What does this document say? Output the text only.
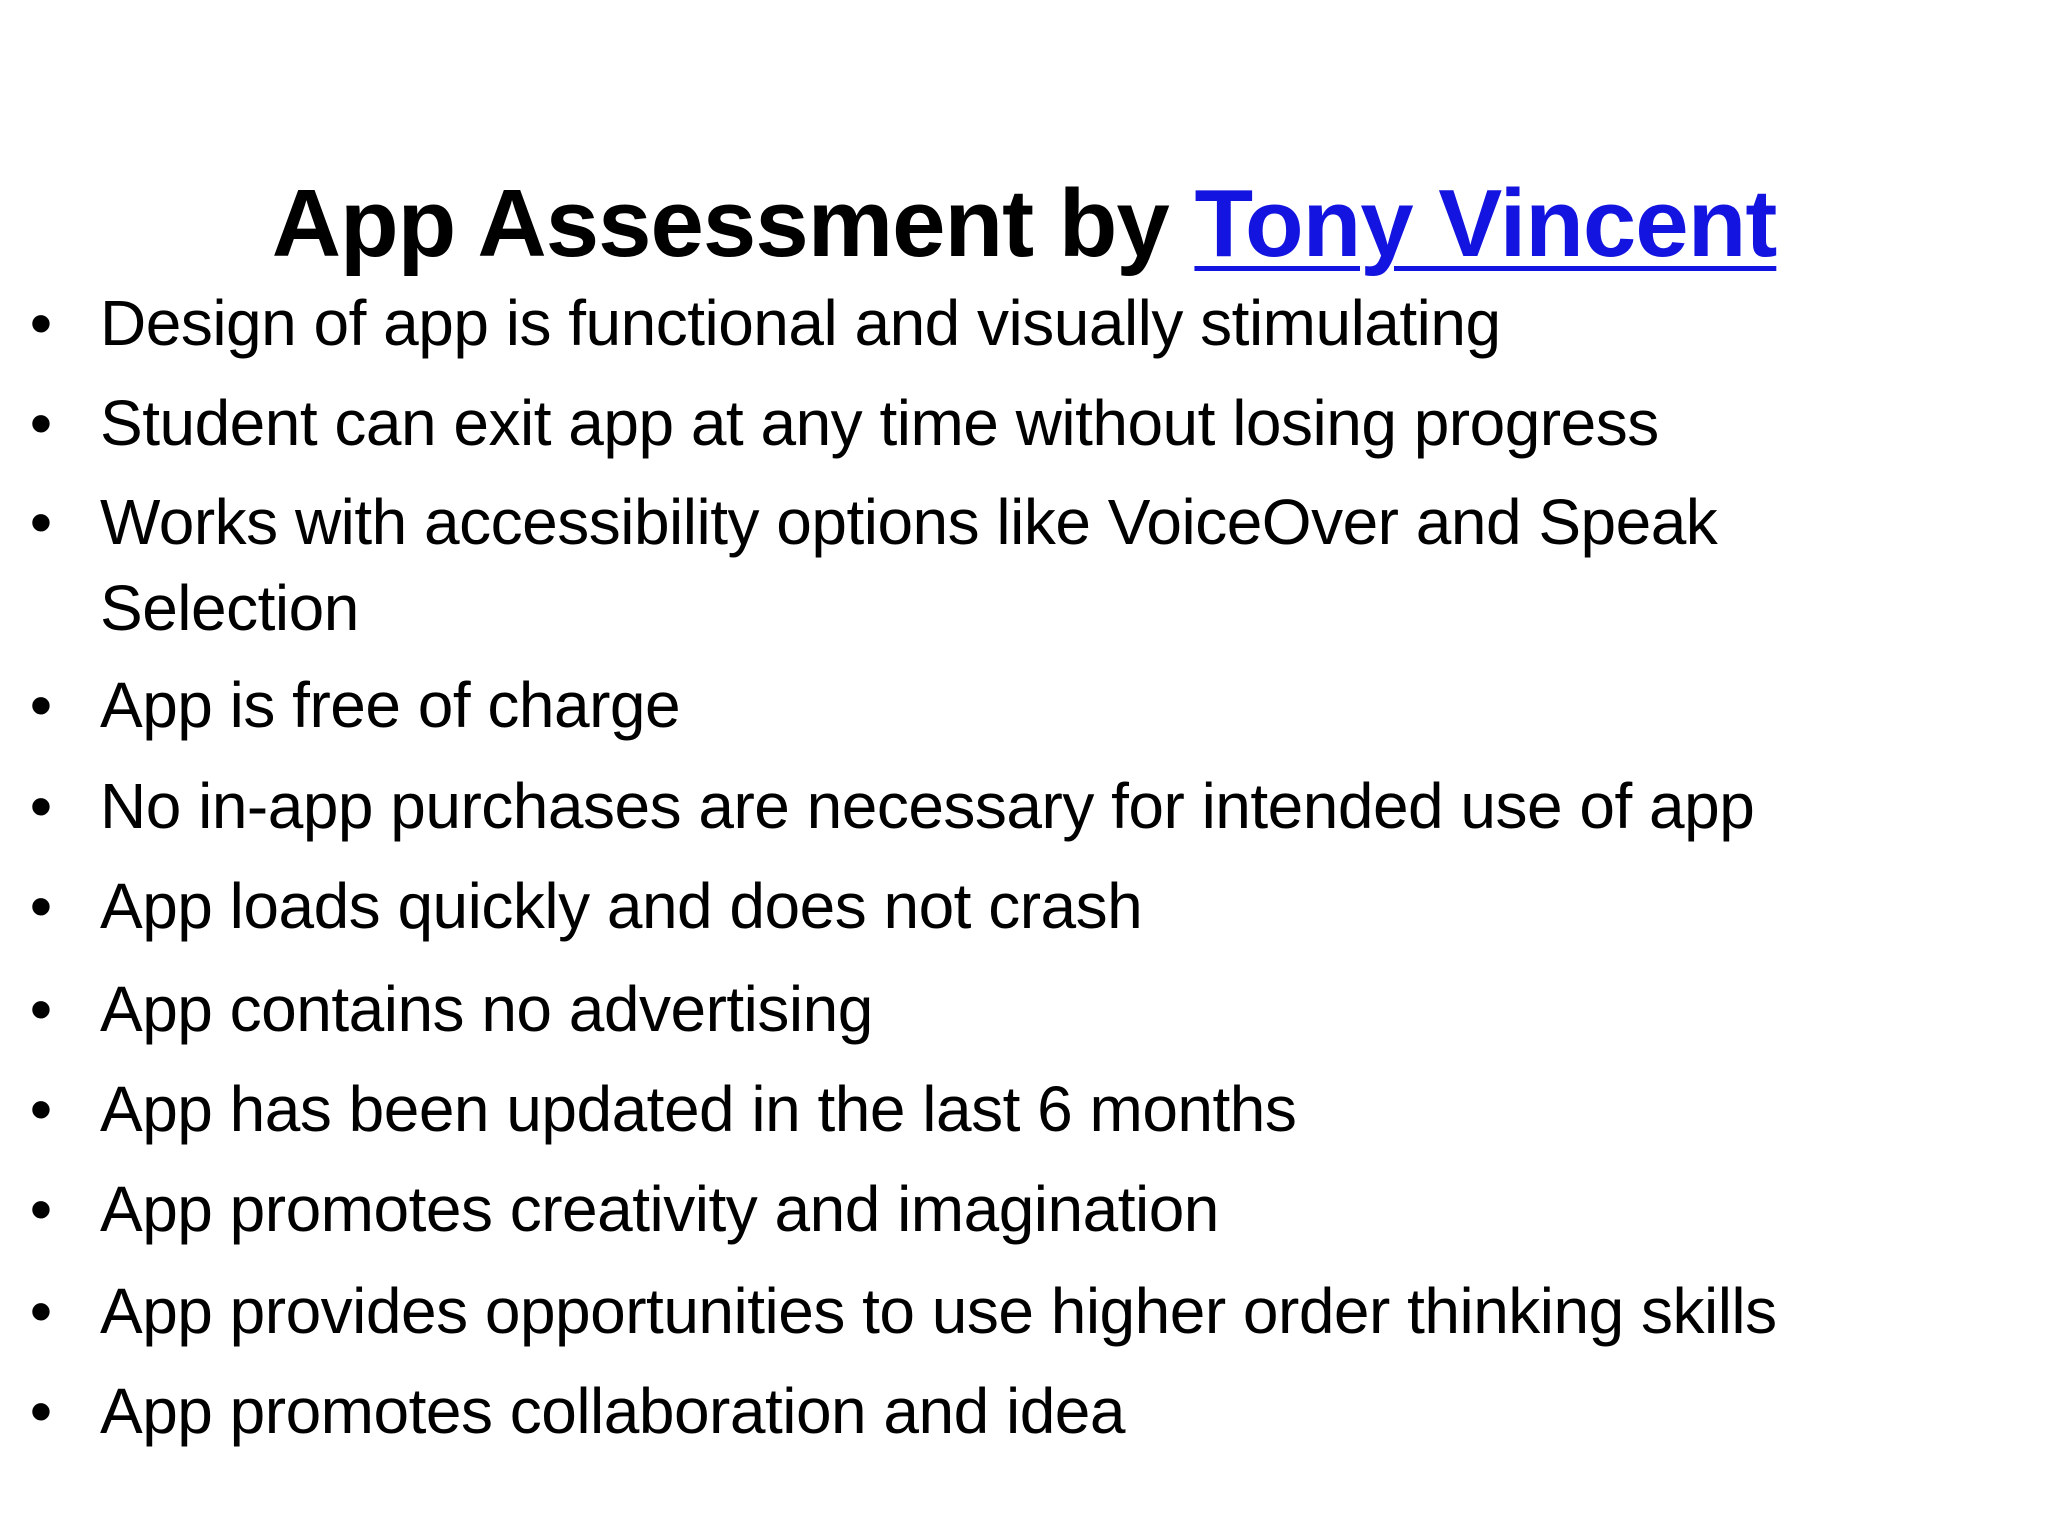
App Assessment by Tony Vincent
• Design of app is functional and visually stimulating
• Student can exit app at any time without losing progress
• Works with accessibility options like VoiceOver and Speak
Selection
• App is free of charge
• No in-app purchases are necessary for intended use of app
• App loads quickly and does not crash
• App contains no advertising
• App has been updated in the last 6 months
• App promotes creativity and imagination
• App provides opportunities to use higher order thinking skills
• App promotes collaboration and idea
